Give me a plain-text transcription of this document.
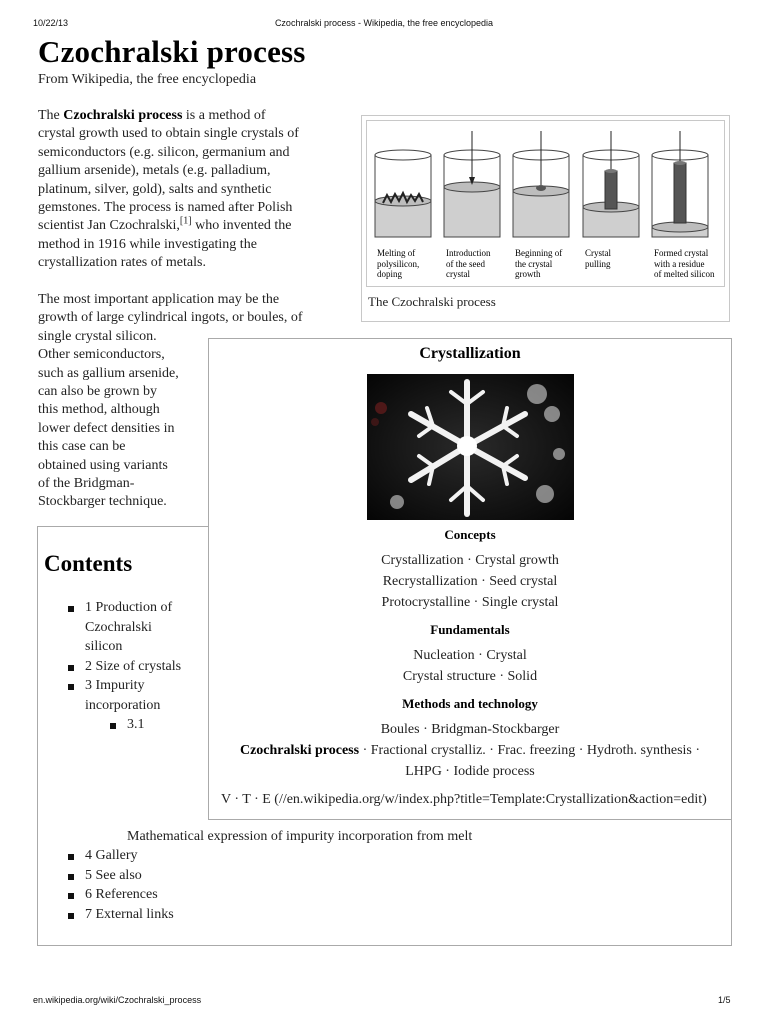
10/22/13	Czochralski process - Wikipedia, the free encyclopedia
en.wikipedia.org/wiki/Czochralski_process	1/5
Czochralski process
From Wikipedia, the free encyclopedia
The Czochralski process is a method of
crystal growth used to obtain single crystals of
semiconductors (e.g. silicon, germanium and
gallium arsenide), metals (e.g. palladium,
platinum, silver, gold), salts and synthetic
gemstones. The process is named after Polish
scientist Jan Czochralski,[1] who invented the
method in 1916 while investigating the
crystallization rates of metals.
The most important application may be the
growth of large cylindrical ingots, or boules, of
single crystal silicon.
Other semiconductors,
such as gallium arsenide,
can also be grown by
this method, although
lower defect densities in
this case can be
obtained using variants
of the Bridgman-
Stockbarger technique.
Melting of
polysilicon,
doping
Introduction
of the seed
crystal
Beginning of
the crystal
growth
Crystal
pulling
Formed crystal
with a residue
of melted silicon
The Czochralski process
Contents
1 Production of
Czochralski
silicon
2 Size of crystals
3 Impurity
incorporation
3.1
Mathematical expression of impurity incorporation from melt
4 Gallery
5 See also
6 References
7 External links
Crystallization
Concepts
Crystallization · Crystal growth
Recrystallization · Seed crystal
Protocrystalline · Single crystal
Fundamentals
Nucleation · Crystal
Crystal structure · Solid
Methods and technology
Boules · Bridgman-Stockbarger
Czochralski process · Fractional crystalliz. · Frac. freezing · Hydroth. synthesis ·
LHPG · Iodide process
V · T · E (//en.wikipedia.org/w/index.php?title=Template:Crystallization&action=edit)
